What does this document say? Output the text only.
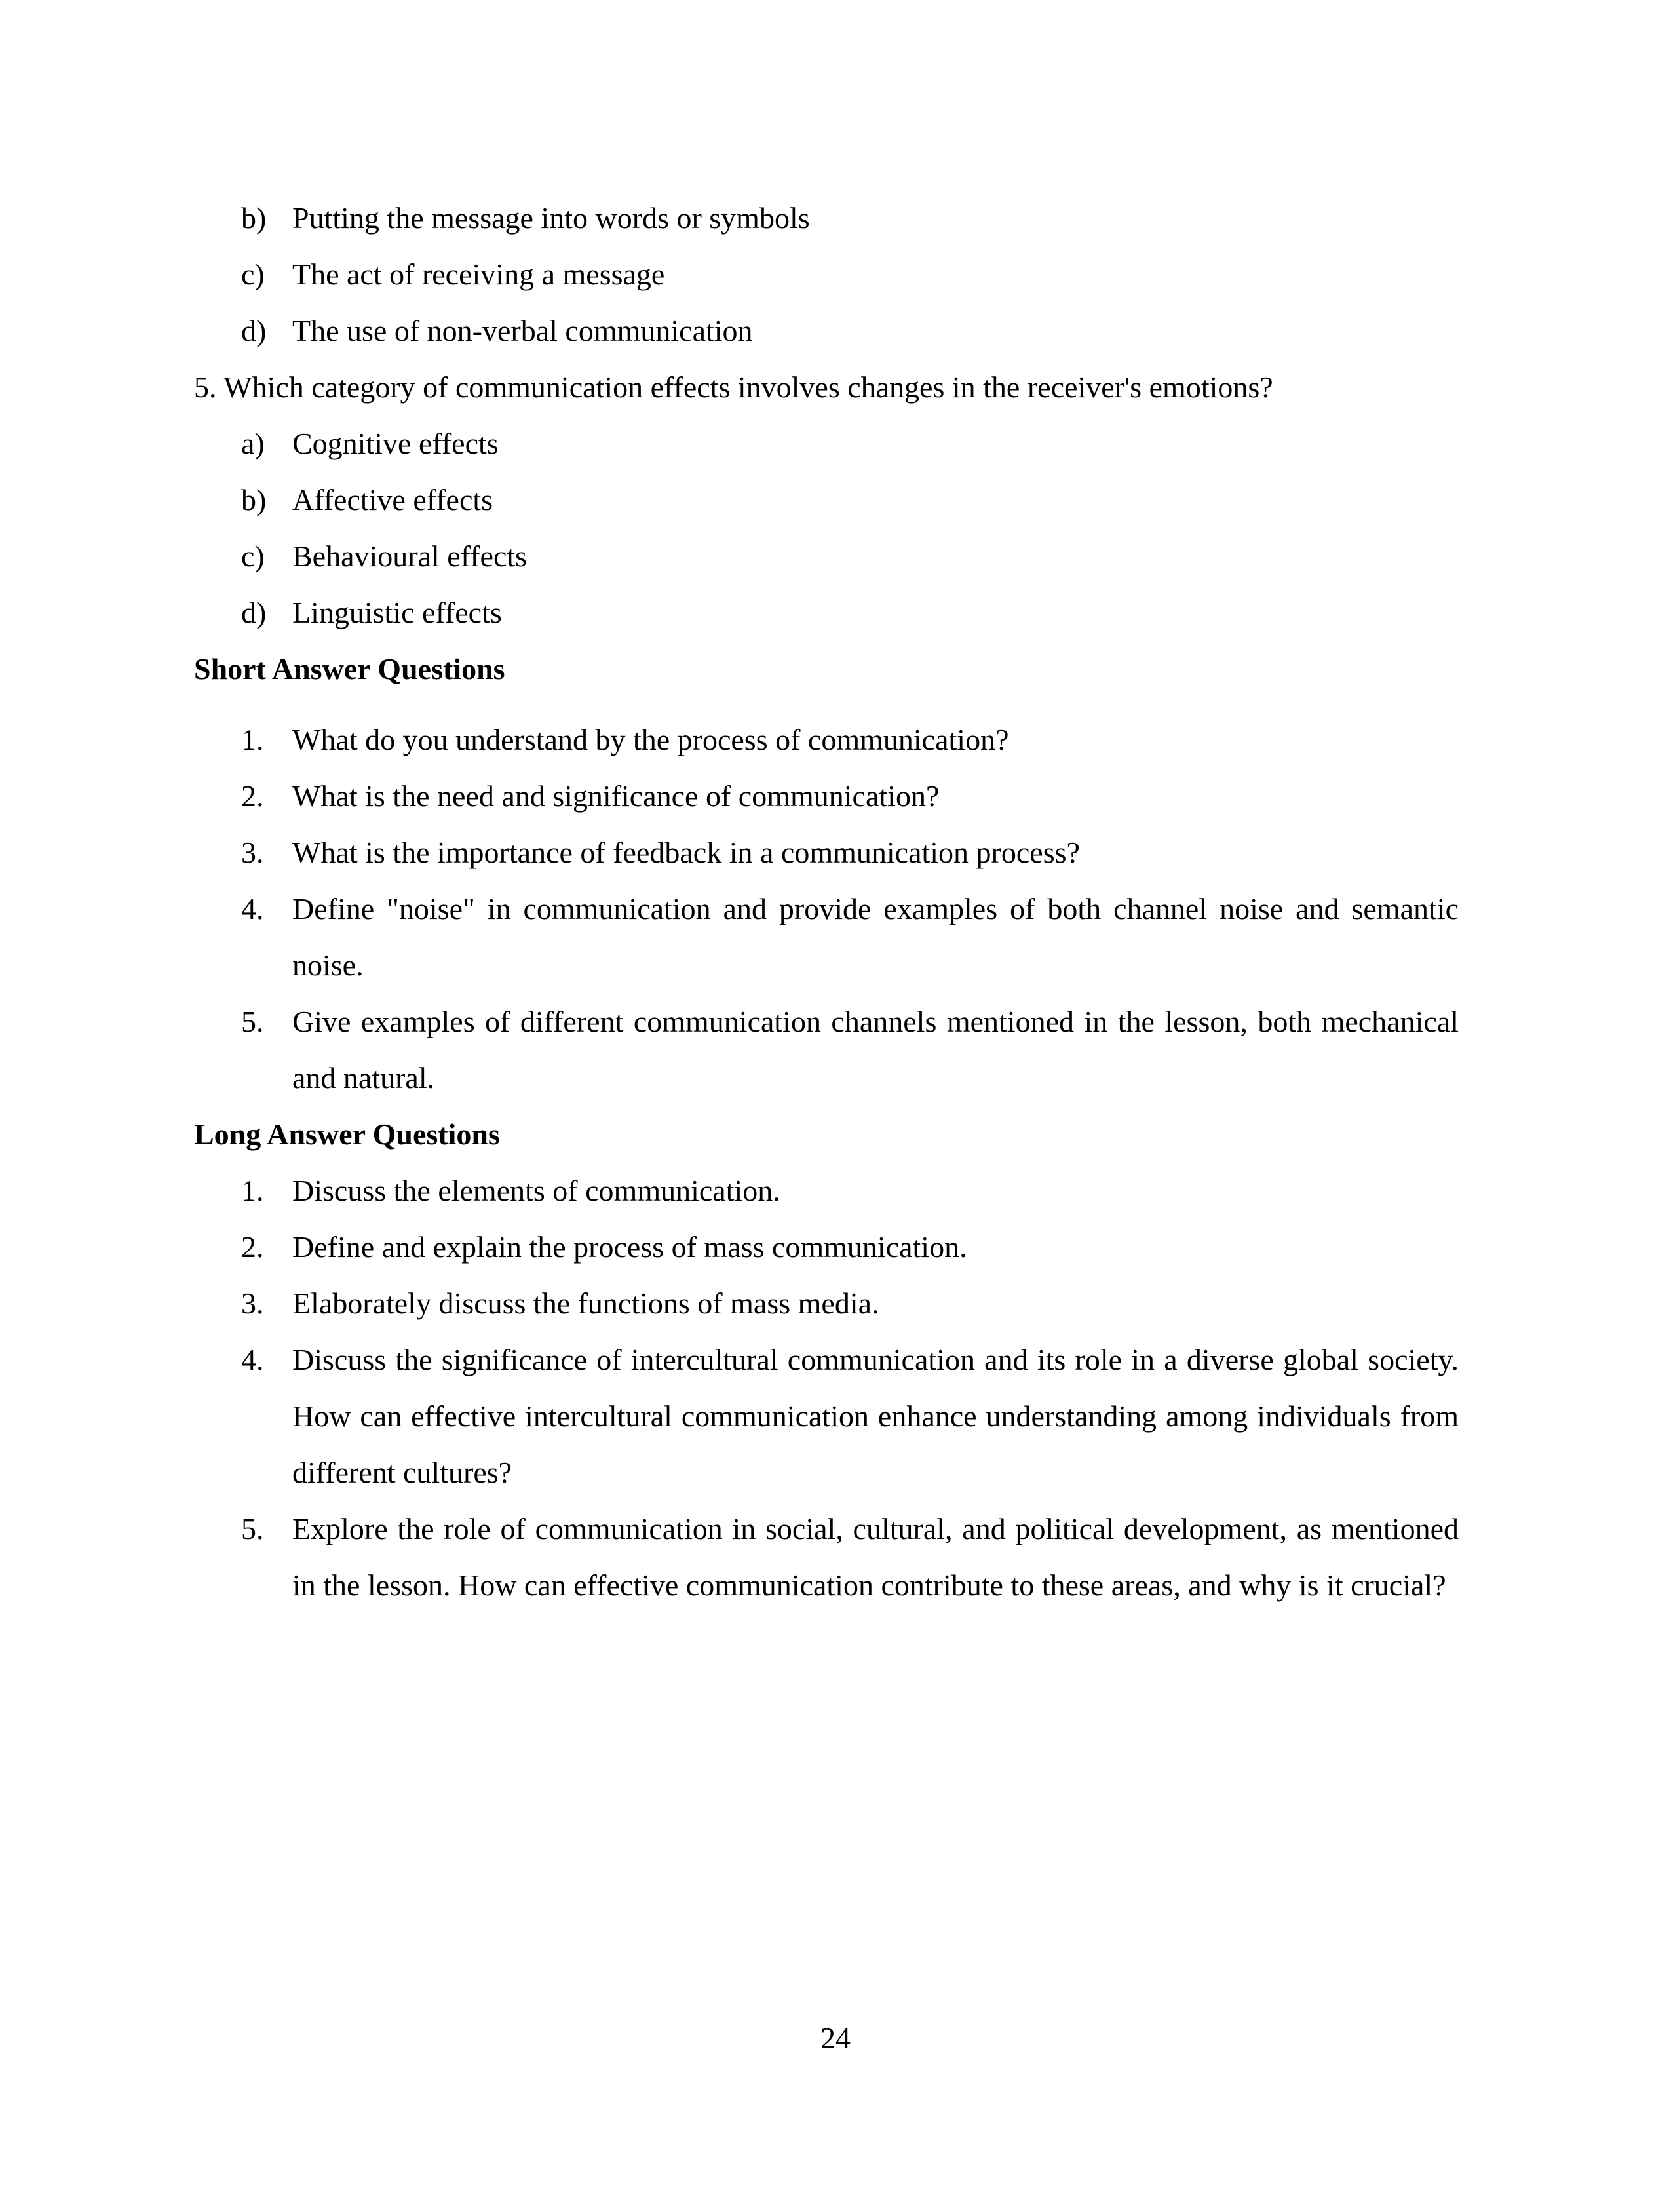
b) Putting the message into words or symbols
c) The act of receiving a message
d) The use of non-verbal communication
5. Which category of communication effects involves changes in the receiver's emotions?
a) Cognitive effects
b) Affective effects
c) Behavioural effects
d) Linguistic effects
Short Answer Questions
1. What do you understand by the process of communication?
2. What is the need and significance of communication?
3. What is the importance of feedback in a communication process?
4. Define "noise" in communication and provide examples of both channel noise and semantic noise.
5. Give examples of different communication channels mentioned in the lesson, both mechanical and natural.
Long Answer Questions
1. Discuss the elements of communication.
2. Define and explain the process of mass communication.
3. Elaborately discuss the functions of mass media.
4. Discuss the significance of intercultural communication and its role in a diverse global society. How can effective intercultural communication enhance understanding among individuals from different cultures?
5. Explore the role of communication in social, cultural, and political development, as mentioned in the lesson. How can effective communication contribute to these areas, and why is it crucial?
24
